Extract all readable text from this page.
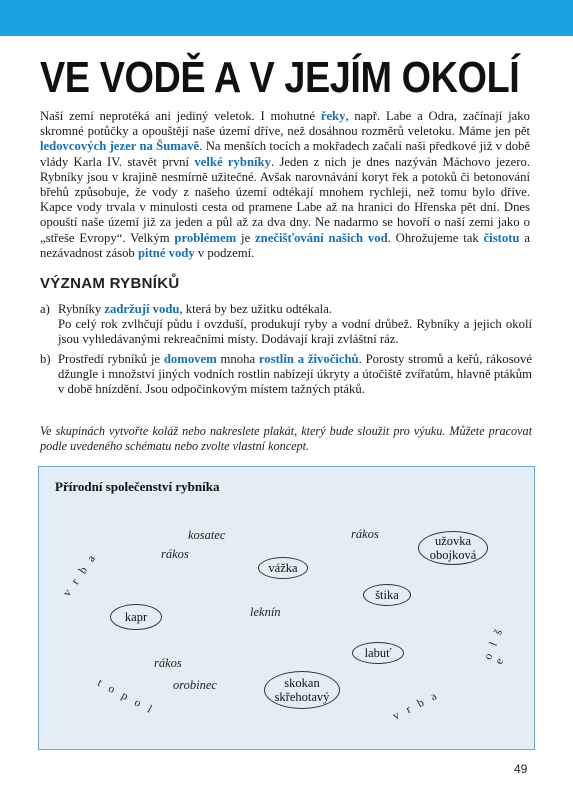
VE VODĚ A V JEJÍM OKOLÍ

Naší zemí neprotéká ani jediný veletok. I mohutné řeky, např. Labe a Odra, začínají jako skromné potůčky a opouštějí naše území dříve, než dosáhnou rozměrů veletoku. Máme jen pět ledovcových jezer na Šumavě. Na menších tocích a mokřadech začali naši předkové již v době vlády Karla IV. stavět první velké rybníky. Jeden z nich je dnes nazýván Máchovo jezero. Rybníky jsou v krajině nesmírně užitečné. Avšak narovnávání koryt řek a potoků či betonování břehů způsobuje, že vody z našeho území odtékají mnohem rychleji, než tomu bylo dříve. Kapce vody trvala v minulosti cesta od pramene Labe až na hranici do Hřenska pět dní. Dnes opouští naše území již za jeden a půl až za dva dny. Ne nadarmo se hovoří o naší zemi jako o „střeše Evropy“. Velkým problémem je znečišťování našich vod. Ohrožujeme tak čistotu a nezávadnost zásob pitné vody v podzemí.

VÝZNAM RYBNÍKŮ
a) Rybníky zadržují vodu, která by bez užitku odtékala.

Po celý rok zvlhčují půdu i ovzduší, produkují ryby a vodní drůbež. Rybníky a jejich okolí jsou vyhledávanými rekreačními místy. Dodávají kraji zvláštní ráz.

b) Prostředí rybníků je domovem mnoha rostlin a živočichů. Porosty stromů a keřů, rákosové džungle i množství jiných vodních rostlin nabízejí úkryty a útočiště zvířatům, hlavně ptákům v době hnízdění. Jsou odpočinkovým místem tažných ptáků.

Ve skupinách vytvořte koláž nebo nakreslete plakát, který bude sloužit pro výuku. Můžete pracovat podle uvedeného schématu nebo zvolte vlastní koncept.

Přírodní společenství rybníka
kosatec
rákos
rákos
leknín
rákos
orobinec
užovka
obojková
vážka
štika
kapr
labuť
skokan
skřehotavý
vrba
t opo l
olše
v r b a
49
